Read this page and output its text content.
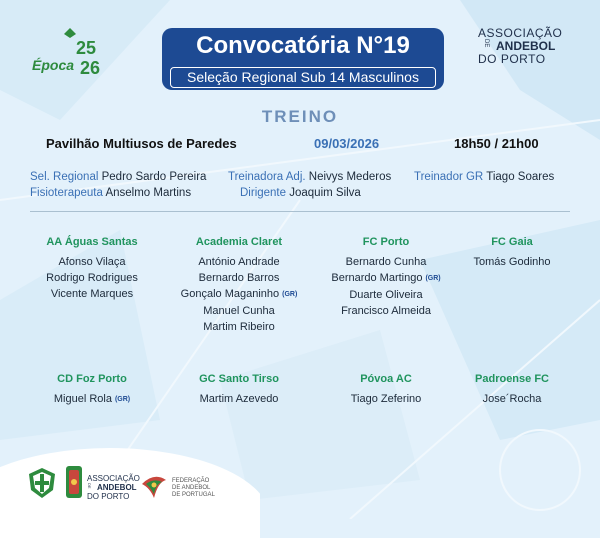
25
Época 26
Convocatória N°19
Seleção Regional Sub 14 Masculinos
ASSOCIAÇÃO
DE ANDEBOL
DO PORTO
TREINO
Pavilhão Multiusos de Paredes	09/03/2026	18h50 / 21h00
Sel. Regional Pedro Sardo Pereira Treinadora Adj. Neivys Mederos Treinador GR Tiago Soares
Fisioterapeuta Anselmo Martins	Dirigente Joaquim Silva
AA Águas Santas
Afonso Vilaça
Rodrigo Rodrigues
Vicente Marques
Academia Claret
António Andrade
Bernardo Barros
Gonçalo Maganinho (GR)
Manuel Cunha
Martim Ribeiro
FC Porto
Bernardo Cunha
Bernardo Martingo (GR)
Duarte Oliveira
Francisco Almeida
FC Gaia
Tomás Godinho
CD Foz Porto
Miguel Rola (GR)
GC Santo Tirso
Martim Azevedo
Póvoa AC
Tiago Zeferino
Padroense FC
Jose´Rocha
ASSOCIAÇÃO
DE ANDEBOL
DO PORTO
FEDERAÇÃO
DE ANDEBOL
DE PORTUGAL
